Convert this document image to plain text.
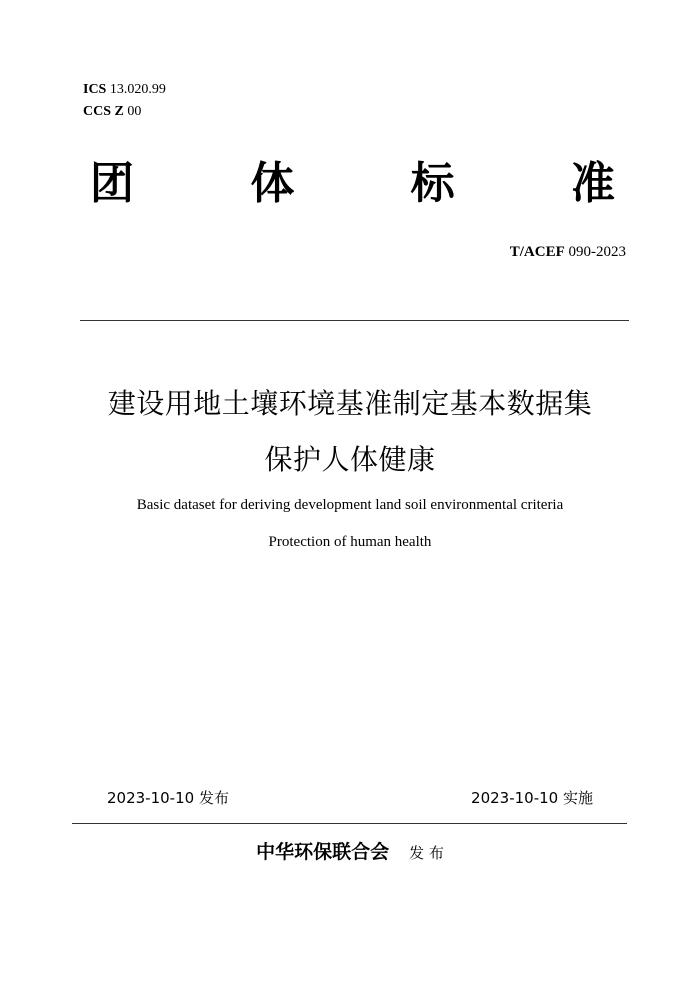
ICS 13.020.99
CCS Z 00
团	体	标	准
T/ACEF 090-2023
建设用地土壤环境基准制定基本数据集
保护人体健康
Basic dataset for deriving development land soil environmental criteria
Protection of human health
2023-10-10 发布	2023-10-10 实施
中华环保联合会 发 布
